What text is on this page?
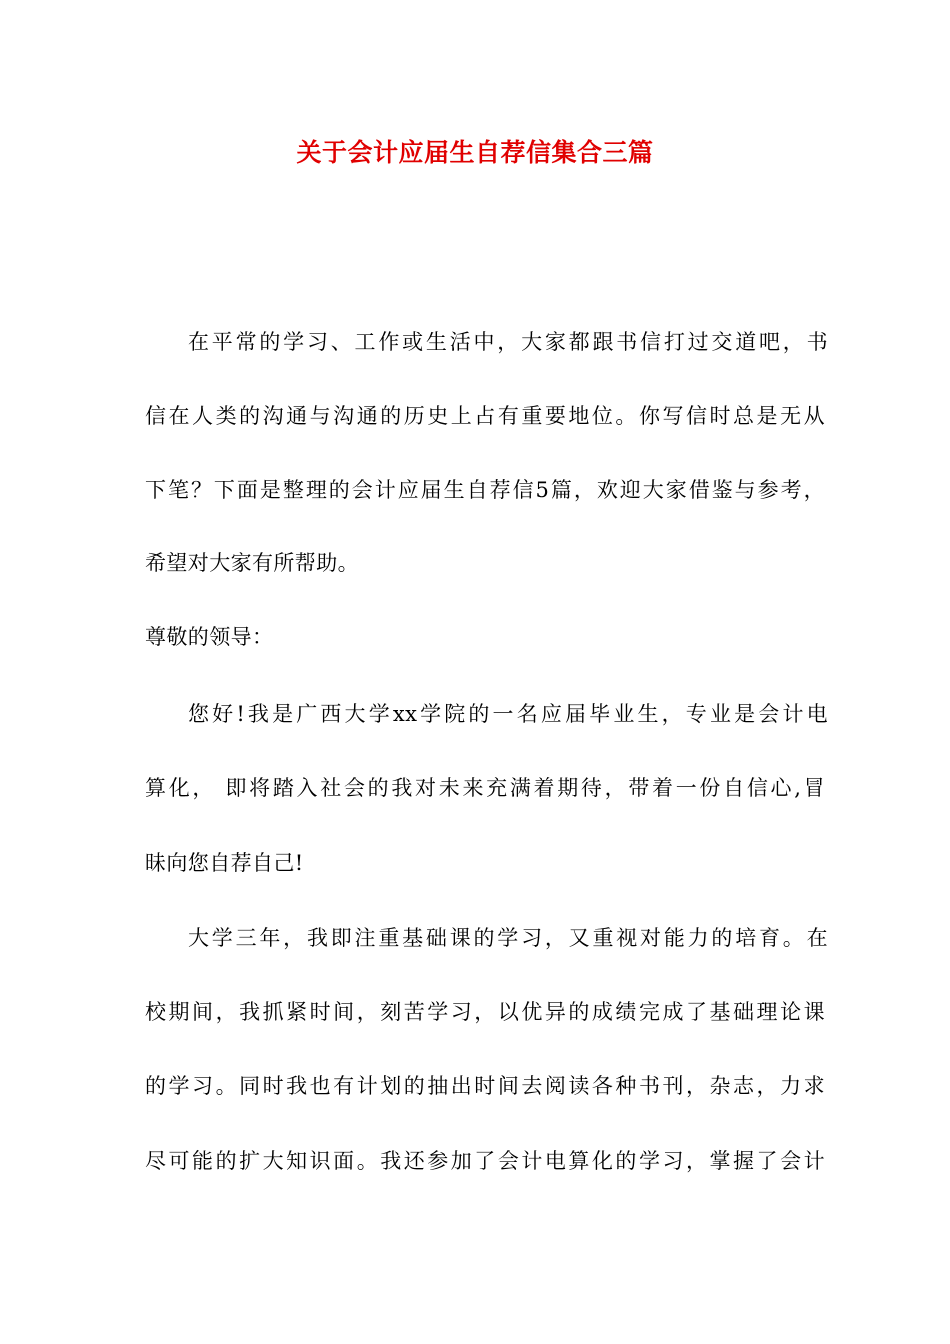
关于会计应届生自荐信集合三篇
在平常的学习、工作或生活中，大家都跟书信打过交道吧，书
信在人类的沟通与沟通的历史上占有重要地位。你写信时总是无从
下笔？下面是整理的会计应届生自荐信5篇，欢迎大家借鉴与参考，
希望对大家有所帮助。
尊敬的领导：
您好!我是广西大学xx学院的一名应届毕业生，专业是会计电
算化， 即将踏入社会的我对未来充满着期待，带着一份自信心,冒
昧向您自荐自己!
大学三年，我即注重基础课的学习，又重视对能力的培育。在
校期间，我抓紧时间，刻苦学习，以优异的成绩完成了基础理论课
的学习。同时我也有计划的抽出时间去阅读各种书刊，杂志，力求
尽可能的扩大知识面。我还参加了会计电算化的学习，掌握了会计
